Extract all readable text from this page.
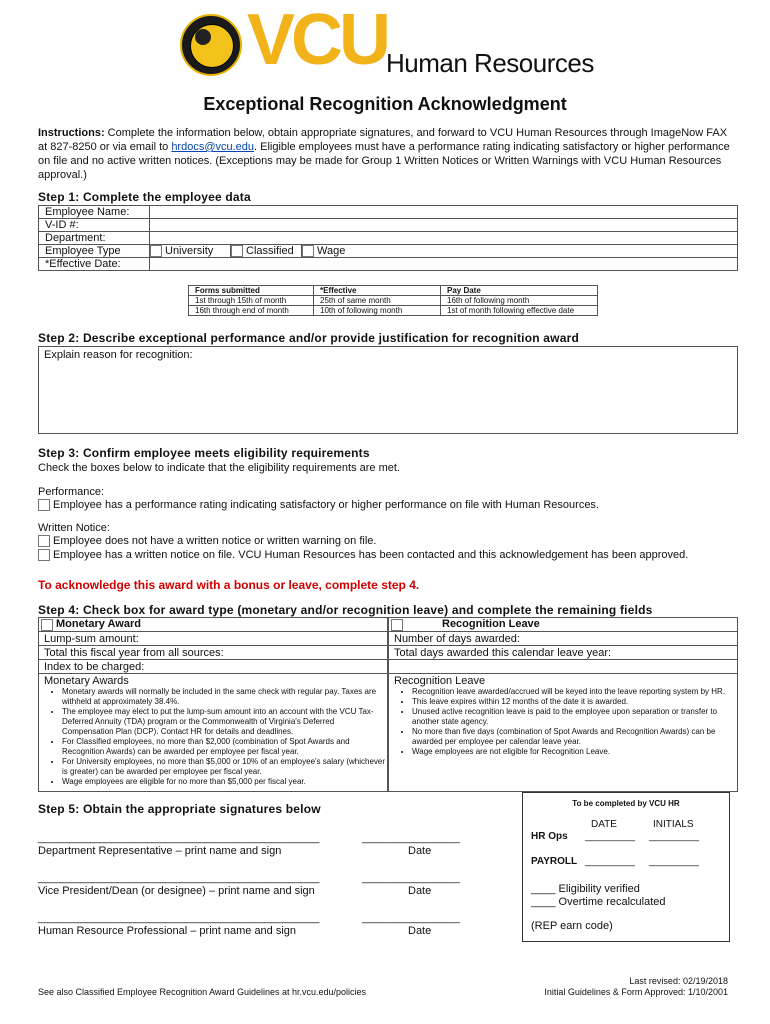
VCU
Human Resources
Exceptional Recognition Acknowledgment
Instructions: Complete the information below, obtain appropriate signatures, and forward to VCU Human Resources through ImageNow FAX at 827-8250 or via email to hrdocs@vcu.edu. Eligible employees must have a performance rating indicating satisfactory or higher performance on file and no active written notices. (Exceptions may be made for Group 1 Written Notices or Written Warnings with VCU Human Resources approval.)
Step 1: Complete the employee data
Employee Name:			
V-ID #:			
Department:			
Employee Type	University	Classified	Wage
*Effective Date:			
Forms submitted	*Effective	Pay Date
1st through 15th of month	25th of same month	16th of following month
16th through end of month	10th of following month	1st of month following effective date
Step 2: Describe exceptional performance and/or provide justification for recognition award
Explain reason for recognition:
Step 3: Confirm employee meets eligibility requirements
Check the boxes below to indicate that the eligibility requirements are met.
Performance:
Employee has a performance rating indicating satisfactory or higher performance on file with Human Resources.
Written Notice:
Employee does not have a written notice or written warning on file.
Employee has a written notice on file. VCU Human Resources has been contacted and this acknowledgement has been approved.
To acknowledge this award with a bonus or leave, complete step 4.
Step 4: Check box for award type (monetary and/or recognition leave) and complete the remaining fields
Monetary Award
Lump-sum amount:
Total this fiscal year from all sources:
Index to be charged:

Monetary Awards
• Monetary awards will normally be included in the same check with regular pay. Taxes are withheld at approximately 38.4%.
• The employee may elect to put the lump-sum amount into an account with the VCU Tax-Deferred Annuity (TDA) program or the Commonwealth of Virginia's Deferred Compensation Plan (DCP). Contact HR for details and deadlines.
• For Classified employees, no more than $2,000 (combination of Spot Awards and Recognition Awards) can be awarded per employee per fiscal year.
• For University employees, no more than $5,000 or 10% of an employee's salary (whichever is greater) can be awarded per employee per fiscal year.
• Wage employees are eligible for no more than $5,000 per fiscal year.
Recognition Leave
Number of days awarded:
Total days awarded this calendar leave year:

Recognition Leave
• Recognition leave awarded/accrued will be keyed into the leave reporting system by HR.
• This leave expires within 12 months of the date it is awarded.
• Unused active recognition leave is paid to the employee upon separation or transfer to another state agency.
• No more than five days (combination of Spot Awards and Recognition Awards) can be awarded per employee per calendar leave year.
• Wage employees are not eligible for Recognition Leave.
Step 5: Obtain the appropriate signatures below
______________________________________________	________________
Department Representative – print name and sign	Date
______________________________________________	________________
Vice President/Dean (or designee) – print name and sign	Date
______________________________________________	________________
Human Resource Professional – print name and sign	Date
To be completed by VCU HR
DATE	INITIALS
HR Ops _________ _________
PAYROLL _________ _________
____ Eligibility verified
____ Overtime recalculated
(REP earn code)
See also Classified Employee Recognition Award Guidelines at hr.vcu.edu/policies
Last revised: 02/19/2018
Initial Guidelines & Form Approved: 1/10/2001
